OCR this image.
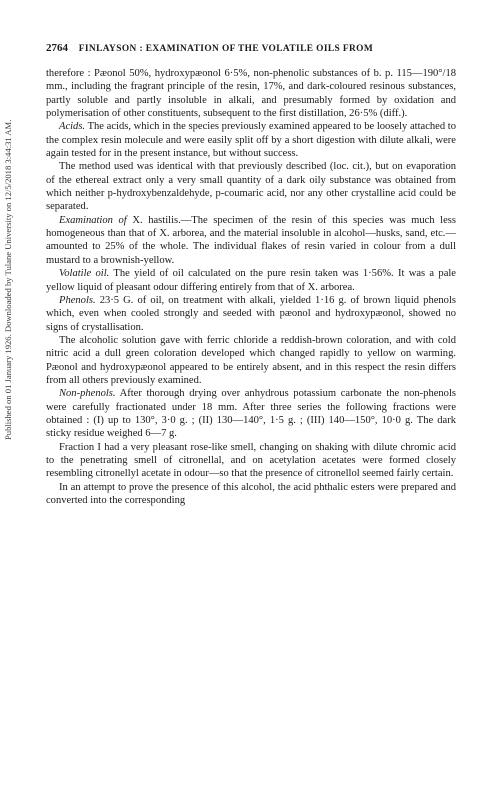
Published on 01 January 1926. Downloaded by Tulane University on 12/5/2018 3:44:31 AM.
2764 FINLAYSON : EXAMINATION OF THE VOLATILE OILS FROM

therefore : Pæonol 50%, hydroxypæonol 6·5%, non-phenolic substances of b. p. 115—190°/18 mm., including the fragrant principle of the resin, 17%, and dark-coloured resinous substances, partly soluble and partly insoluble in alkali, and presumably formed by oxidation and polymerisation of other constituents, subsequent to the first distillation, 26·5% (diff.).

Acids. The acids, which in the species previously examined appeared to be loosely attached to the complex resin molecule and were easily split off by a short digestion with dilute alkali, were again tested for in the present instance, but without success.

The method used was identical with that previously described (loc. cit.), but on evaporation of the ethereal extract only a very small quantity of a dark oily substance was obtained from which neither p-hydroxybenzaldehyde, p-coumaric acid, nor any other crystalline acid could be separated.

Examination of X. hastilis.—The specimen of the resin of this species was much less homogeneous than that of X. arborea, and the material insoluble in alcohol—husks, sand, etc.—amounted to 25% of the whole. The individual flakes of resin varied in colour from a dull mustard to a brownish-yellow.

Volatile oil. The yield of oil calculated on the pure resin taken was 1·56%. It was a pale yellow liquid of pleasant odour differing entirely from that of X. arborea.

Phenols. 23·5 G. of oil, on treatment with alkali, yielded 1·16 g. of brown liquid phenols which, even when cooled strongly and seeded with pæonol and hydroxypæonol, showed no signs of crystallisation.

The alcoholic solution gave with ferric chloride a reddish-brown coloration, and with cold nitric acid a dull green coloration developed which changed rapidly to yellow on warming. Pæonol and hydroxypæonol appeared to be entirely absent, and in this respect the resin differs from all others previously examined.

Non-phenols. After thorough drying over anhydrous potassium carbonate the non-phenols were carefully fractionated under 18 mm. After three series the following fractions were obtained : (I) up to 130°, 3·0 g. ; (II) 130—140°, 1·5 g. ; (III) 140—150°, 10·0 g. The dark sticky residue weighed 6—7 g.

Fraction I had a very pleasant rose-like smell, changing on shaking with dilute chromic acid to the penetrating smell of citronellal, and on acetylation acetates were formed closely resembling citronellyl acetate in odour—so that the presence of citronellol seemed fairly certain.

In an attempt to prove the presence of this alcohol, the acid phthalic esters were prepared and converted into the corresponding
